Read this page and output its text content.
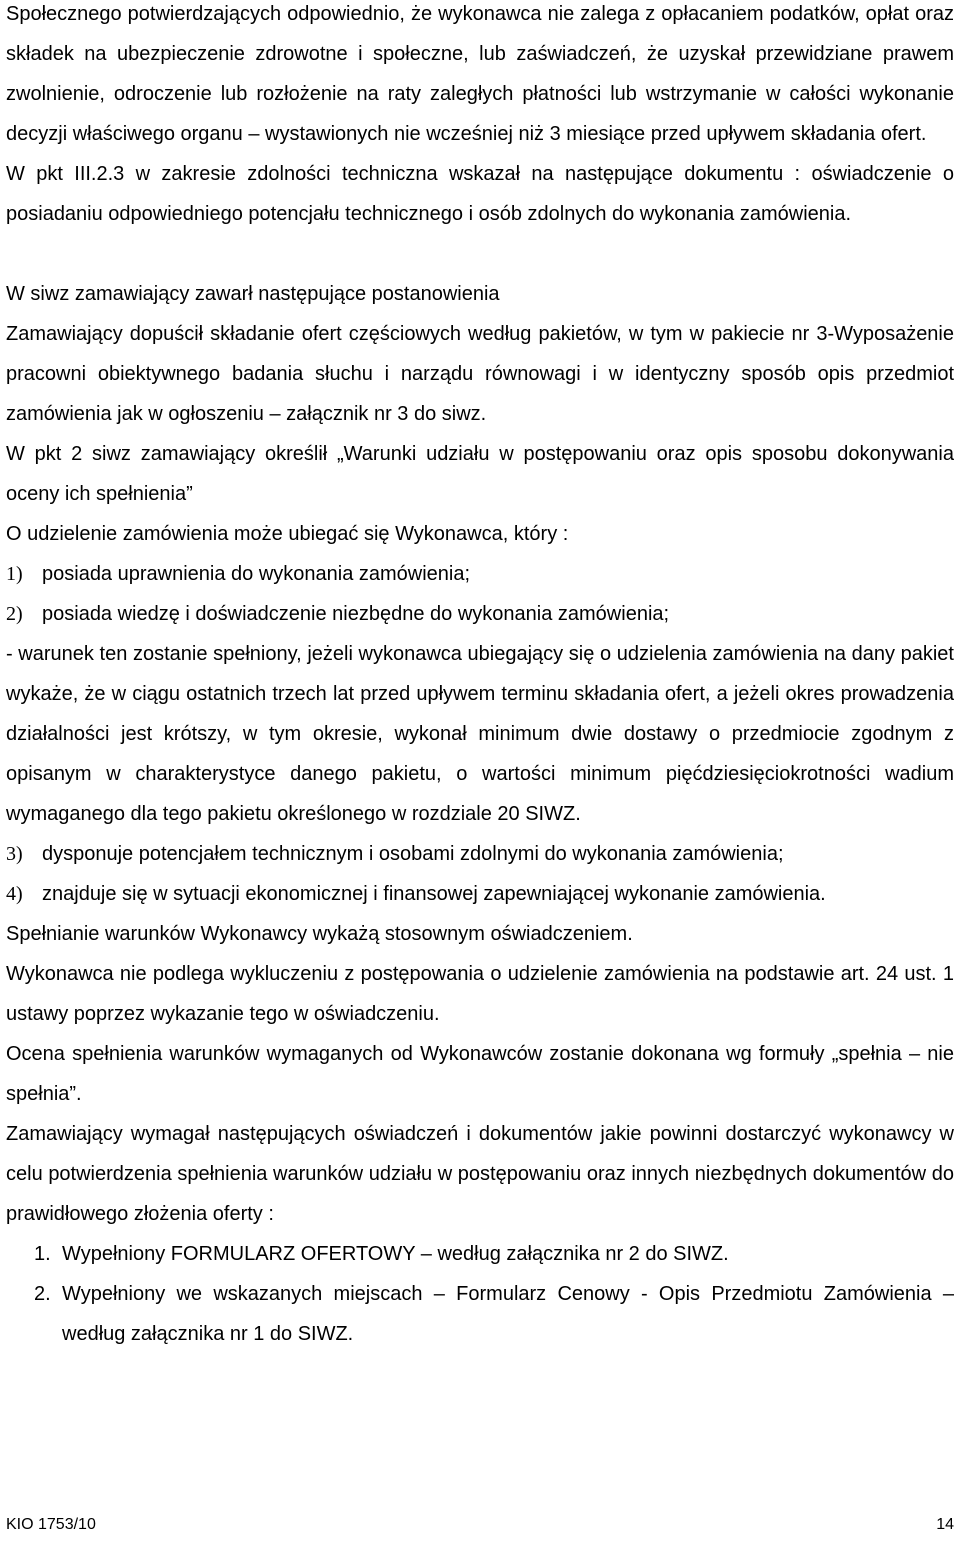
Społecznego potwierdzających odpowiednio, że wykonawca nie zalega z opłacaniem podatków, opłat oraz składek na ubezpieczenie zdrowotne i społeczne, lub zaświadczeń, że uzyskał przewidziane prawem zwolnienie, odroczenie lub rozłożenie na raty zaległych płatności lub wstrzymanie w całości wykonanie decyzji właściwego organu – wystawionych nie wcześniej niż 3 miesiące przed upływem składania ofert.

W pkt III.2.3 w zakresie zdolności techniczna wskazał na następujące dokumentu : oświadczenie o posiadaniu odpowiedniego potencjału technicznego i osób zdolnych do wykonania zamówienia.

W siwz zamawiający zawarł następujące postanowienia

Zamawiający dopuścił składanie ofert częściowych według pakietów, w tym w pakiecie nr 3-Wyposażenie pracowni obiektywnego badania słuchu i narządu równowagi i w identyczny sposób opis przedmiot zamówienia jak w ogłoszeniu – załącznik nr 3 do siwz.

W pkt 2 siwz zamawiający określił „Warunki udziału w postępowaniu oraz opis sposobu dokonywania oceny ich spełnienia”

O udzielenie zamówienia może ubiegać się Wykonawca, który :

1) posiada uprawnienia do wykonania zamówienia;

2) posiada wiedzę i doświadczenie niezbędne do wykonania zamówienia;

- warunek ten zostanie spełniony, jeżeli wykonawca ubiegający się o udzielenia zamówienia na dany pakiet wykaże, że w ciągu ostatnich trzech lat przed upływem terminu składania ofert, a jeżeli okres prowadzenia działalności jest krótszy, w tym okresie, wykonał minimum dwie dostawy o przedmiocie zgodnym z opisanym w charakterystyce danego pakietu, o wartości minimum pięćdziesięciokrotności wadium wymaganego dla tego pakietu określonego w rozdziale 20 SIWZ.

3) dysponuje potencjałem technicznym i osobami zdolnymi do wykonania zamówienia;

4) znajduje się w sytuacji ekonomicznej i finansowej zapewniającej wykonanie zamówienia.

Spełnianie warunków Wykonawcy wykażą stosownym oświadczeniem.

Wykonawca nie podlega wykluczeniu z postępowania o udzielenie zamówienia na podstawie art. 24 ust. 1 ustawy poprzez wykazanie tego w oświadczeniu.

Ocena spełnienia warunków wymaganych od Wykonawców zostanie dokonana wg formuły „spełnia – nie spełnia”.

Zamawiający wymagał następujących oświadczeń i dokumentów jakie powinni dostarczyć wykonawcy w celu potwierdzenia spełnienia warunków udziału w postępowaniu oraz innych niezbędnych dokumentów do prawidłowego złożenia oferty :

1. Wypełniony FORMULARZ OFERTOWY – według załącznika nr 2 do SIWZ.
2. Wypełniony we wskazanych miejscach – Formularz Cenowy - Opis Przedmiotu Zamówienia – według załącznika nr 1 do SIWZ.
KIO 1753/10	14
